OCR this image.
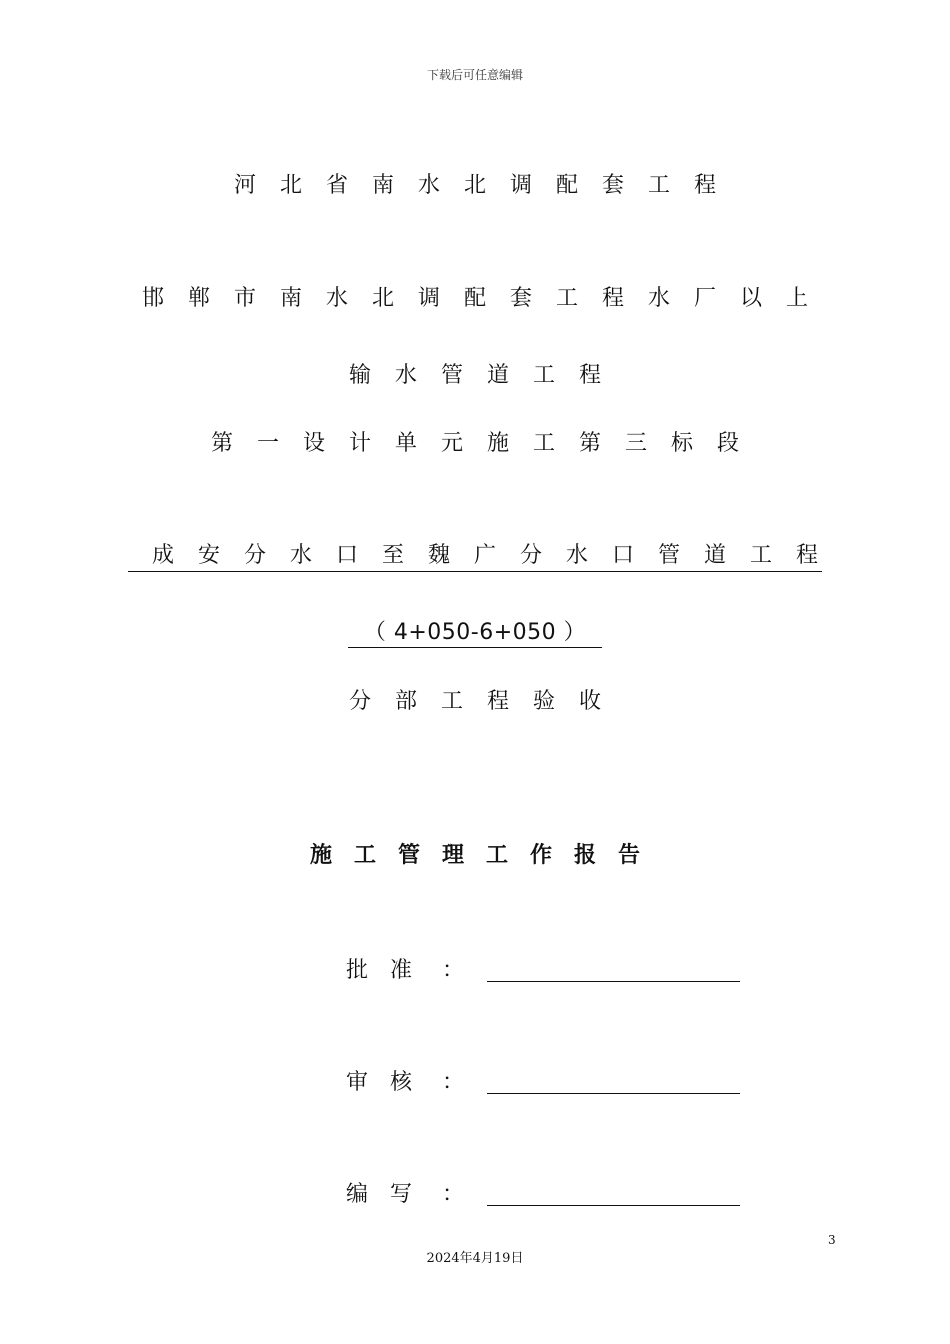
下载后可任意编辑
河北省南水北调配套工程
邯郸市南水北调配套工程水厂以上
输水管道工程
第一设计单元施工第三标段
成安分水口至魏广分水口管道工程
（ 4+050-6+050 ）
分部工程验收
施工管理工作报告
批准 ：
审核 ：
编写 ：
3
2024年4月19日
